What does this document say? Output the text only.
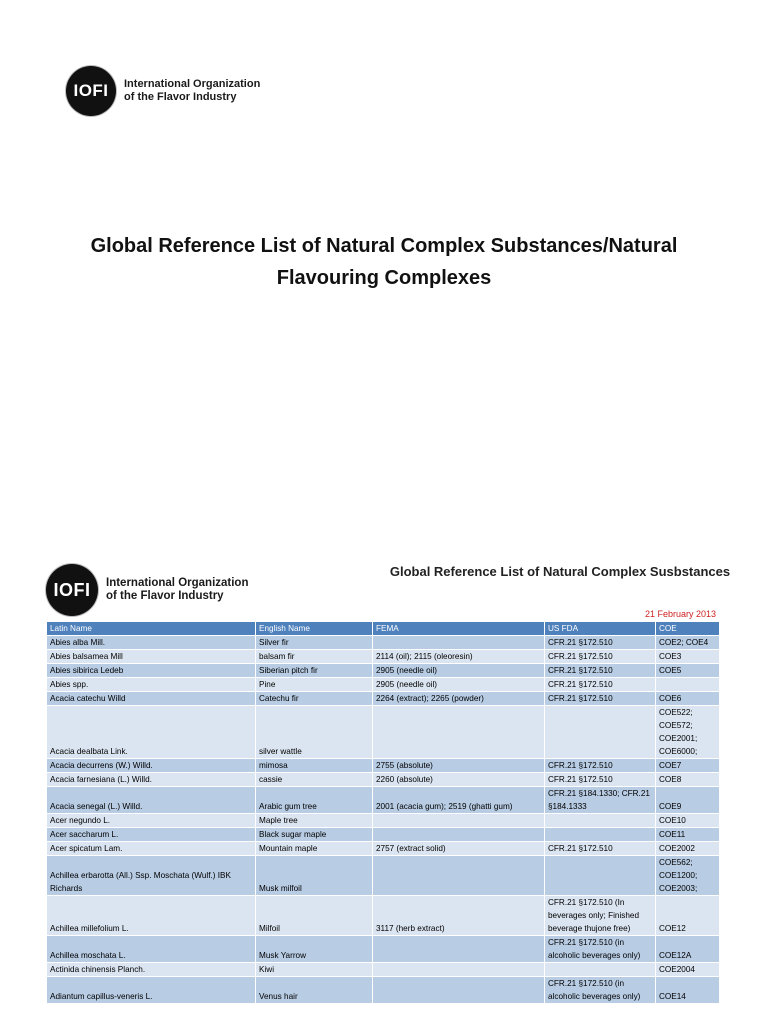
IOFI International Organization
of the Flavor Industry
Global Reference List of Natural Complex Substances/Natural
Flavouring Complexes
IOFI International Organization
of the Flavor Industry
Global Reference List of Natural Complex Susbstances
21 February 2013
Latin Name	English Name	FEMA	US FDA	COE
Abies alba Mill.	Silver fir		CFR.21 §172.510	COE2; COE4
Abies balsamea Mill	balsam fir	2114 (oil); 2115 (oleoresin)	CFR.21 §172.510	COE3
Abies sibirica Ledeb	Siberian pitch fir	2905 (needle oil)	CFR.21 §172.510	COE5
Abies spp.	Pine	2905 (needle oil)	CFR.21 §172.510	
Acacia catechu Willd	Catechu fir	2264 (extract); 2265 (powder)	CFR.21 §172.510	COE6
Acacia dealbata Link.	silver wattle			COE522; COE572; COE2001; COE6000;
Acacia decurrens (W.) Willd.	mimosa	2755 (absolute)	CFR.21 §172.510	COE7
Acacia farnesiana (L.) Willd.	cassie	2260 (absolute)	CFR.21 §172.510	COE8
Acacia senegal (L.) Willd.	Arabic gum tree	2001 (acacia gum); 2519 (ghatti gum)	CFR.21 §184.1330; CFR.21 §184.1333	COE9
Acer negundo L.	Maple tree			COE10
Acer saccharum L.	Black sugar maple			COE11
Acer spicatum Lam.	Mountain maple	2757 (extract solid)	CFR.21 §172.510	COE2002
Achillea erbarotta (All.) Ssp. Moschata (Wulf.) IBK Richards	Musk milfoil			COE562; COE1200; COE2003;
Achillea millefolium L.	Milfoil	3117 (herb extract)	CFR.21 §172.510 (In beverages only; Finished beverage thujone free)	COE12
Achillea moschata L.	Musk Yarrow		CFR.21 §172.510 (in alcoholic beverages only)	COE12A
Actinida chinensis Planch.	Kiwi			COE2004
Adiantum capillus-veneris L.	Venus hair		CFR.21 §172.510 (in alcoholic beverages only)	COE14
